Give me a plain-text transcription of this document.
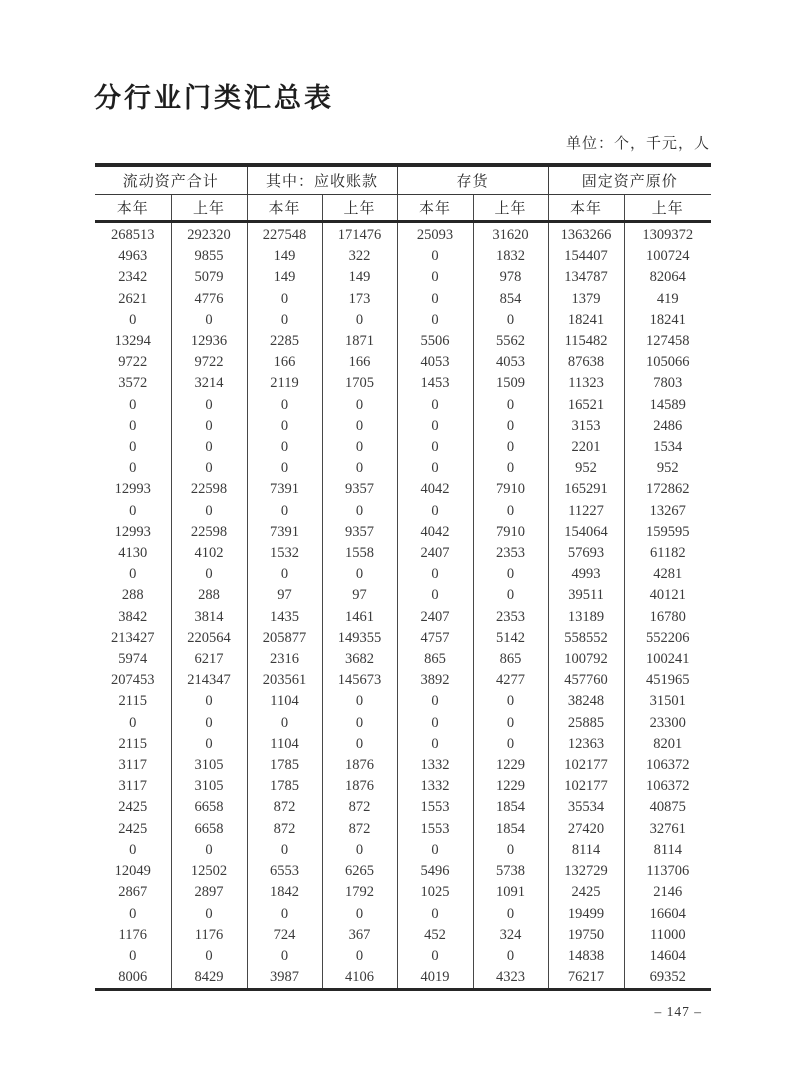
分行业门类汇总表
单位：个，千元，人
流动资产合计		其中：应收账款		存货		固定资产原价	
本年	上年	本年	上年	本年	上年	本年	上年
268513	292320	227548	171476	25093	31620	1363266	1309372
4963	9855	149	322	0	1832	154407	100724
2342	5079	149	149	0	978	134787	82064
2621	4776	0	173	0	854	1379	419
0	0	0	0	0	0	18241	18241
13294	12936	2285	1871	5506	5562	115482	127458
9722	9722	166	166	4053	4053	87638	105066
3572	3214	2119	1705	1453	1509	11323	7803
0	0	0	0	0	0	16521	14589
0	0	0	0	0	0	3153	2486
0	0	0	0	0	0	2201	1534
0	0	0	0	0	0	952	952
12993	22598	7391	9357	4042	7910	165291	172862
0	0	0	0	0	0	11227	13267
12993	22598	7391	9357	4042	7910	154064	159595
4130	4102	1532	1558	2407	2353	57693	61182
0	0	0	0	0	0	4993	4281
288	288	97	97	0	0	39511	40121
3842	3814	1435	1461	2407	2353	13189	16780
213427	220564	205877	149355	4757	5142	558552	552206
5974	6217	2316	3682	865	865	100792	100241
207453	214347	203561	145673	3892	4277	457760	451965
2115	0	1104	0	0	0	38248	31501
0	0	0	0	0	0	25885	23300
2115	0	1104	0	0	0	12363	8201
3117	3105	1785	1876	1332	1229	102177	106372
3117	3105	1785	1876	1332	1229	102177	106372
2425	6658	872	872	1553	1854	35534	40875
2425	6658	872	872	1553	1854	27420	32761
0	0	0	0	0	0	8114	8114
12049	12502	6553	6265	5496	5738	132729	113706
2867	2897	1842	1792	1025	1091	2425	2146
0	0	0	0	0	0	19499	16604
1176	1176	724	367	452	324	19750	11000
0	0	0	0	0	0	14838	14604
8006	8429	3987	4106	4019	4323	76217	69352
– 147 –
